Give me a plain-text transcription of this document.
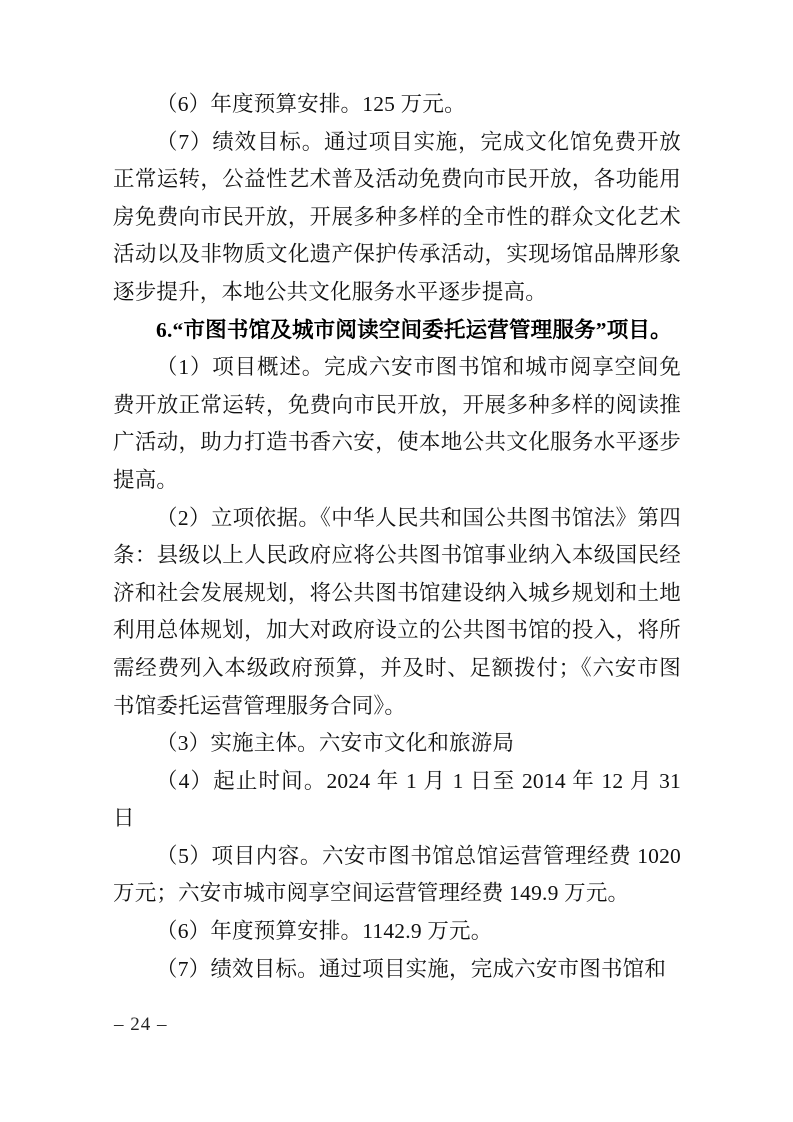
（6）年度预算安排。125 万元。

（7）绩效目标。通过项目实施，完成文化馆免费开放正常运转，公益性艺术普及活动免费向市民开放，各功能用房免费向市民开放，开展多种多样的全市性的群众文化艺术活动以及非物质文化遗产保护传承活动，实现场馆品牌形象逐步提升，本地公共文化服务水平逐步提高。

6.“市图书馆及城市阅读空间委托运营管理服务”项目。

（1）项目概述。完成六安市图书馆和城市阅享空间免费开放正常运转，免费向市民开放，开展多种多样的阅读推广活动，助力打造书香六安，使本地公共文化服务水平逐步提高。

（2）立项依据。《中华人民共和国公共图书馆法》第四条：县级以上人民政府应将公共图书馆事业纳入本级国民经济和社会发展规划，将公共图书馆建设纳入城乡规划和土地利用总体规划，加大对政府设立的公共图书馆的投入，将所需经费列入本级政府预算，并及时、足额拨付；《六安市图书馆委托运营管理服务合同》。

（3）实施主体。六安市文化和旅游局

（4）起止时间。2024 年 1 月 1 日至 2014 年 12 月 31 日

（5）项目内容。六安市图书馆总馆运营管理经费 1020 万元；六安市城市阅享空间运营管理经费 149.9 万元。

（6）年度预算安排。1142.9 万元。

（7）绩效目标。通过项目实施，完成六安市图书馆和

– 24 –
